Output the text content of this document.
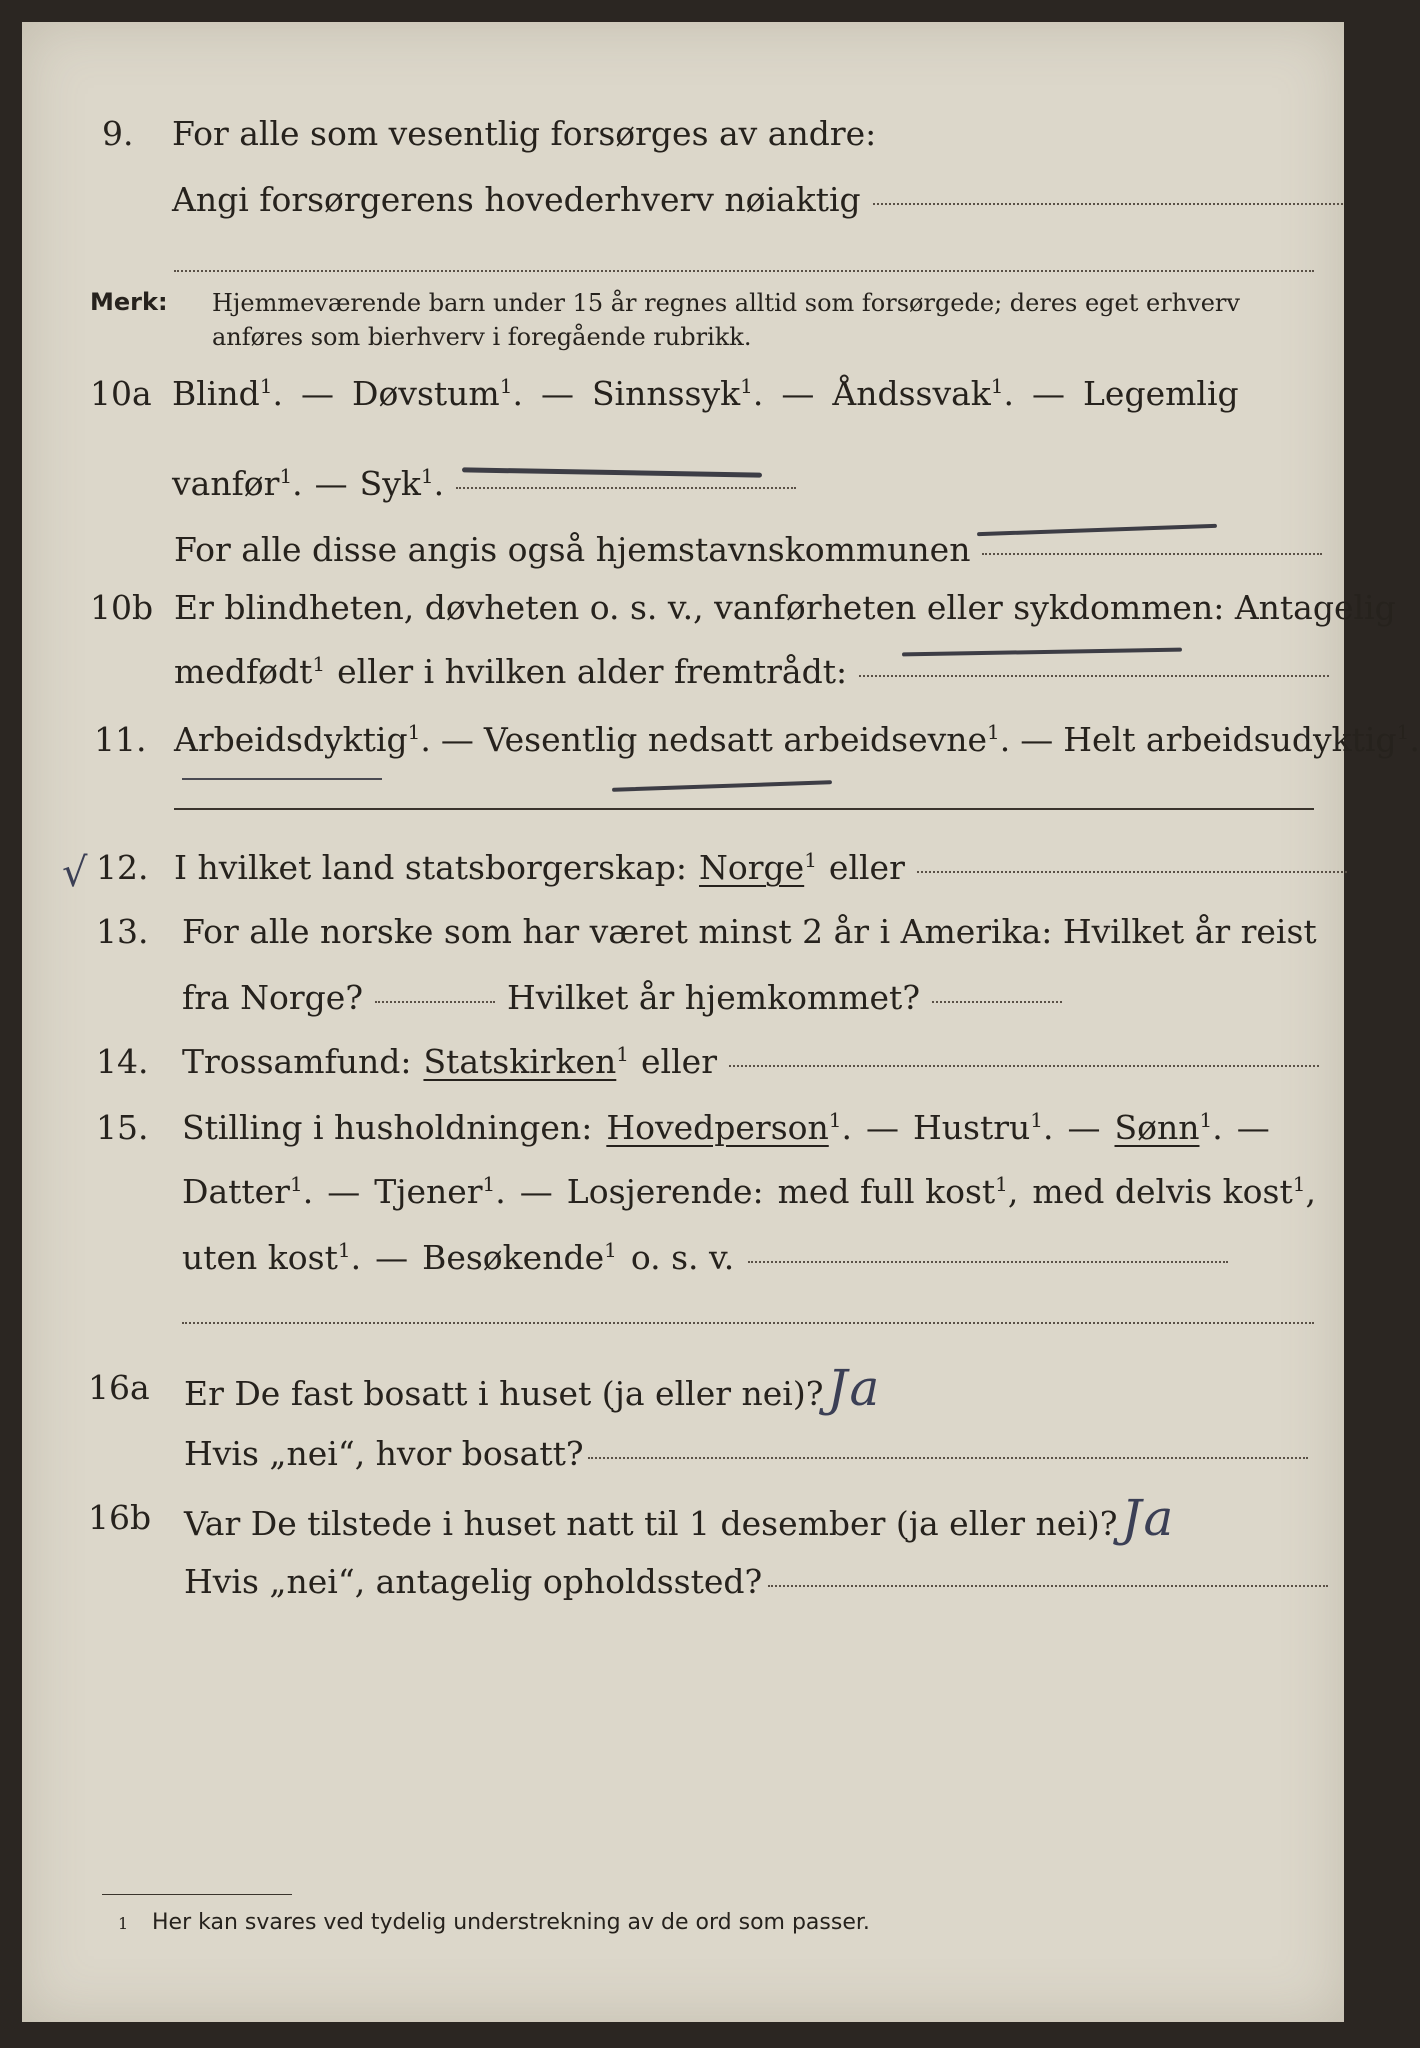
9. For alle som vesentlig forsørges av andre:
Angi forsørgerens hovederhverv nøiaktig
Merk: Hjemmeværende barn under 15 år regnes alltid som forsørgede; deres eget erhverv anføres som bierhverv i foregående rubrikk.
10a Blind$^1$. — Døvstum$^1$. — Sinnssyk$^1$. — Åndssvak$^1$. — Legemlig
vanfør$^1$. — Syk$^1$.
For alle disse angis også hjemstavnskommunen
10b Er blindheten, døvheten o. s. v., vanførheten eller sykdommen: Antagelig
medfødt$^1$ eller i hvilken alder fremtrådt:
11. Arbeidsdyktig$^1$. — Vesentlig nedsatt arbeidsevne$^1$. — Helt arbeidsudyktig$^1$.
√ 12. I hvilket land statsborgerskap: Norge$^1$ eller
13. For alle norske som har været minst 2 år i Amerika: Hvilket år reist
fra Norge?	Hvilket år hjemkommet?
14. Trossamfund: Statskirken$^1$ eller
15. Stilling i husholdningen: Hovedperson$^1$. — Hustru$^1$. — Sønn$^1$. —
Datter$^1$. — Tjener$^1$. — Losjerende: med full kost$^1$, med delvis kost$^1$,
uten kost$^1$. — Besøkende$^1$ o. s. v.
16a Er De fast bosatt i huset (ja eller nei)? Ja
Hvis „nei“, hvor bosatt?
16b Var De tilstede i huset natt til 1 desember (ja eller nei)? Ja
Hvis „nei“, antagelig opholdssted?
1 Her kan svares ved tydelig understrekning av de ord som passer.
